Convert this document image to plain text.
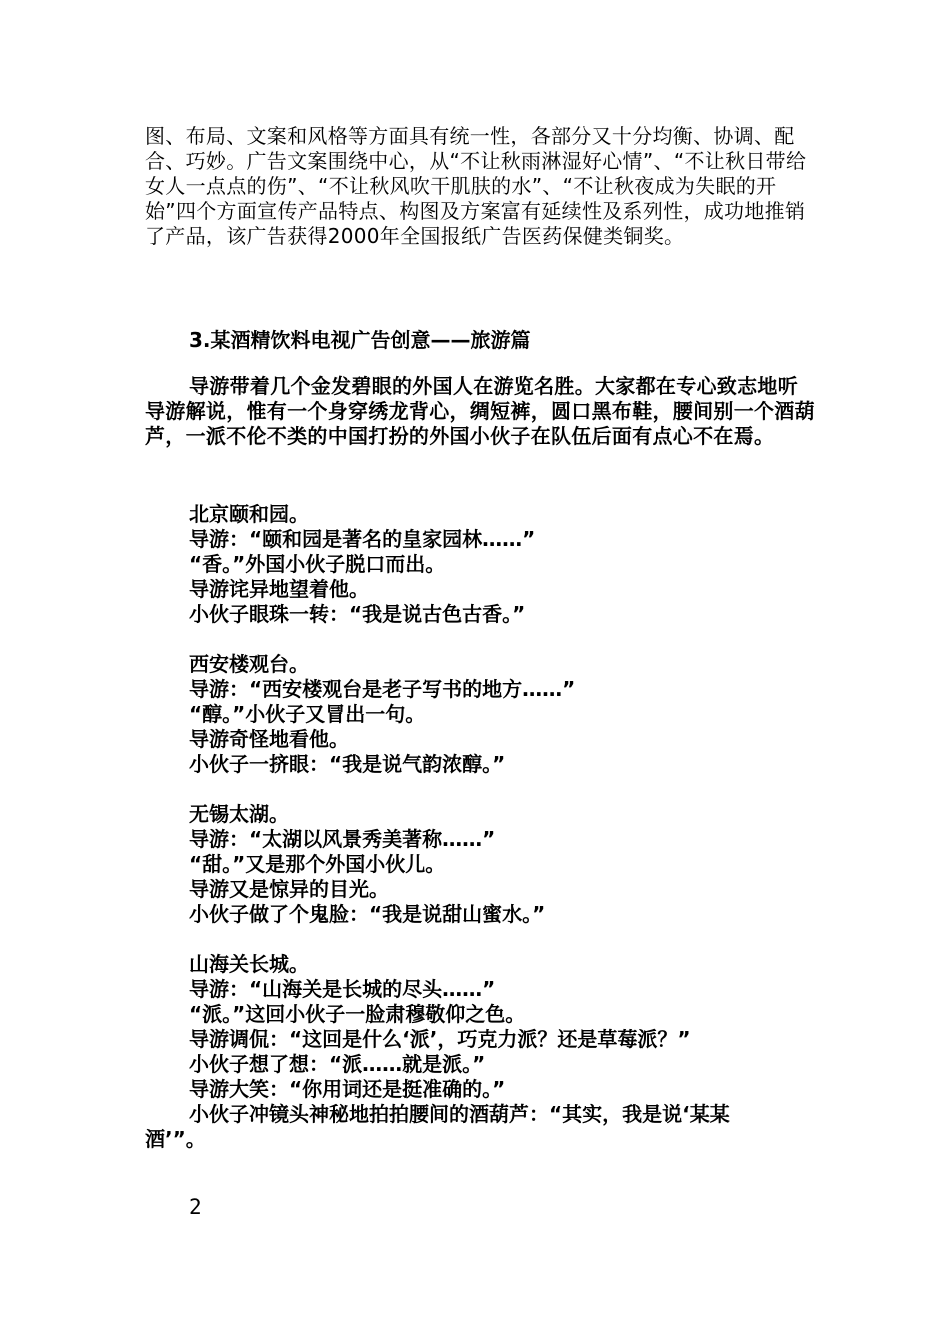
图、布局、文案和风格等方面具有统一性，各部分又十分均衡、协调、配合、巧妙。广告文案围绕中心，从“不让秋雨淋湿好心情”、“不让秋日带给女人一点点的伤”、“不让秋风吹干肌肤的水”、“不让秋夜成为失眠的开始”四个方面宣传产品特点、构图及方案富有延续性及系列性，成功地推销了产品，该广告获得2000年全国报纸广告医药保健类铜奖。

3.某酒精饮料电视广告创意——旅游篇

导游带着几个金发碧眼的外国人在游览名胜。大家都在专心致志地听导游解说，惟有一个身穿绣龙背心，绸短裤，圆口黑布鞋，腰间别一个酒葫芦，一派不伦不类的中国打扮的外国小伙子在队伍后面有点心不在焉。

北京颐和园。

导游：“颐和园是著名的皇家园林……”

“香。”外国小伙子脱口而出。

导游诧异地望着他。

小伙子眼珠一转：“我是说古色古香。”

西安楼观台。

导游：“西安楼观台是老子写书的地方……”

“醇。”小伙子又冒出一句。

导游奇怪地看他。

小伙子一挤眼：“我是说气韵浓醇。”

无锡太湖。

导游：“太湖以风景秀美著称……”

“甜。”又是那个外国小伙儿。

导游又是惊异的目光。

小伙子做了个鬼脸：“我是说甜山蜜水。”

山海关长城。

导游：“山海关是长城的尽头……”

“派。”这回小伙子一脸肃穆敬仰之色。

导游调侃：“这回是什么‘派’，巧克力派？还是草莓派？”

小伙子想了想：“派……就是派。”

导游大笑：“你用词还是挺准确的。”

小伙子冲镜头神秘地拍拍腰间的酒葫芦：“其实，我是说‘某某

酒’”。

2
